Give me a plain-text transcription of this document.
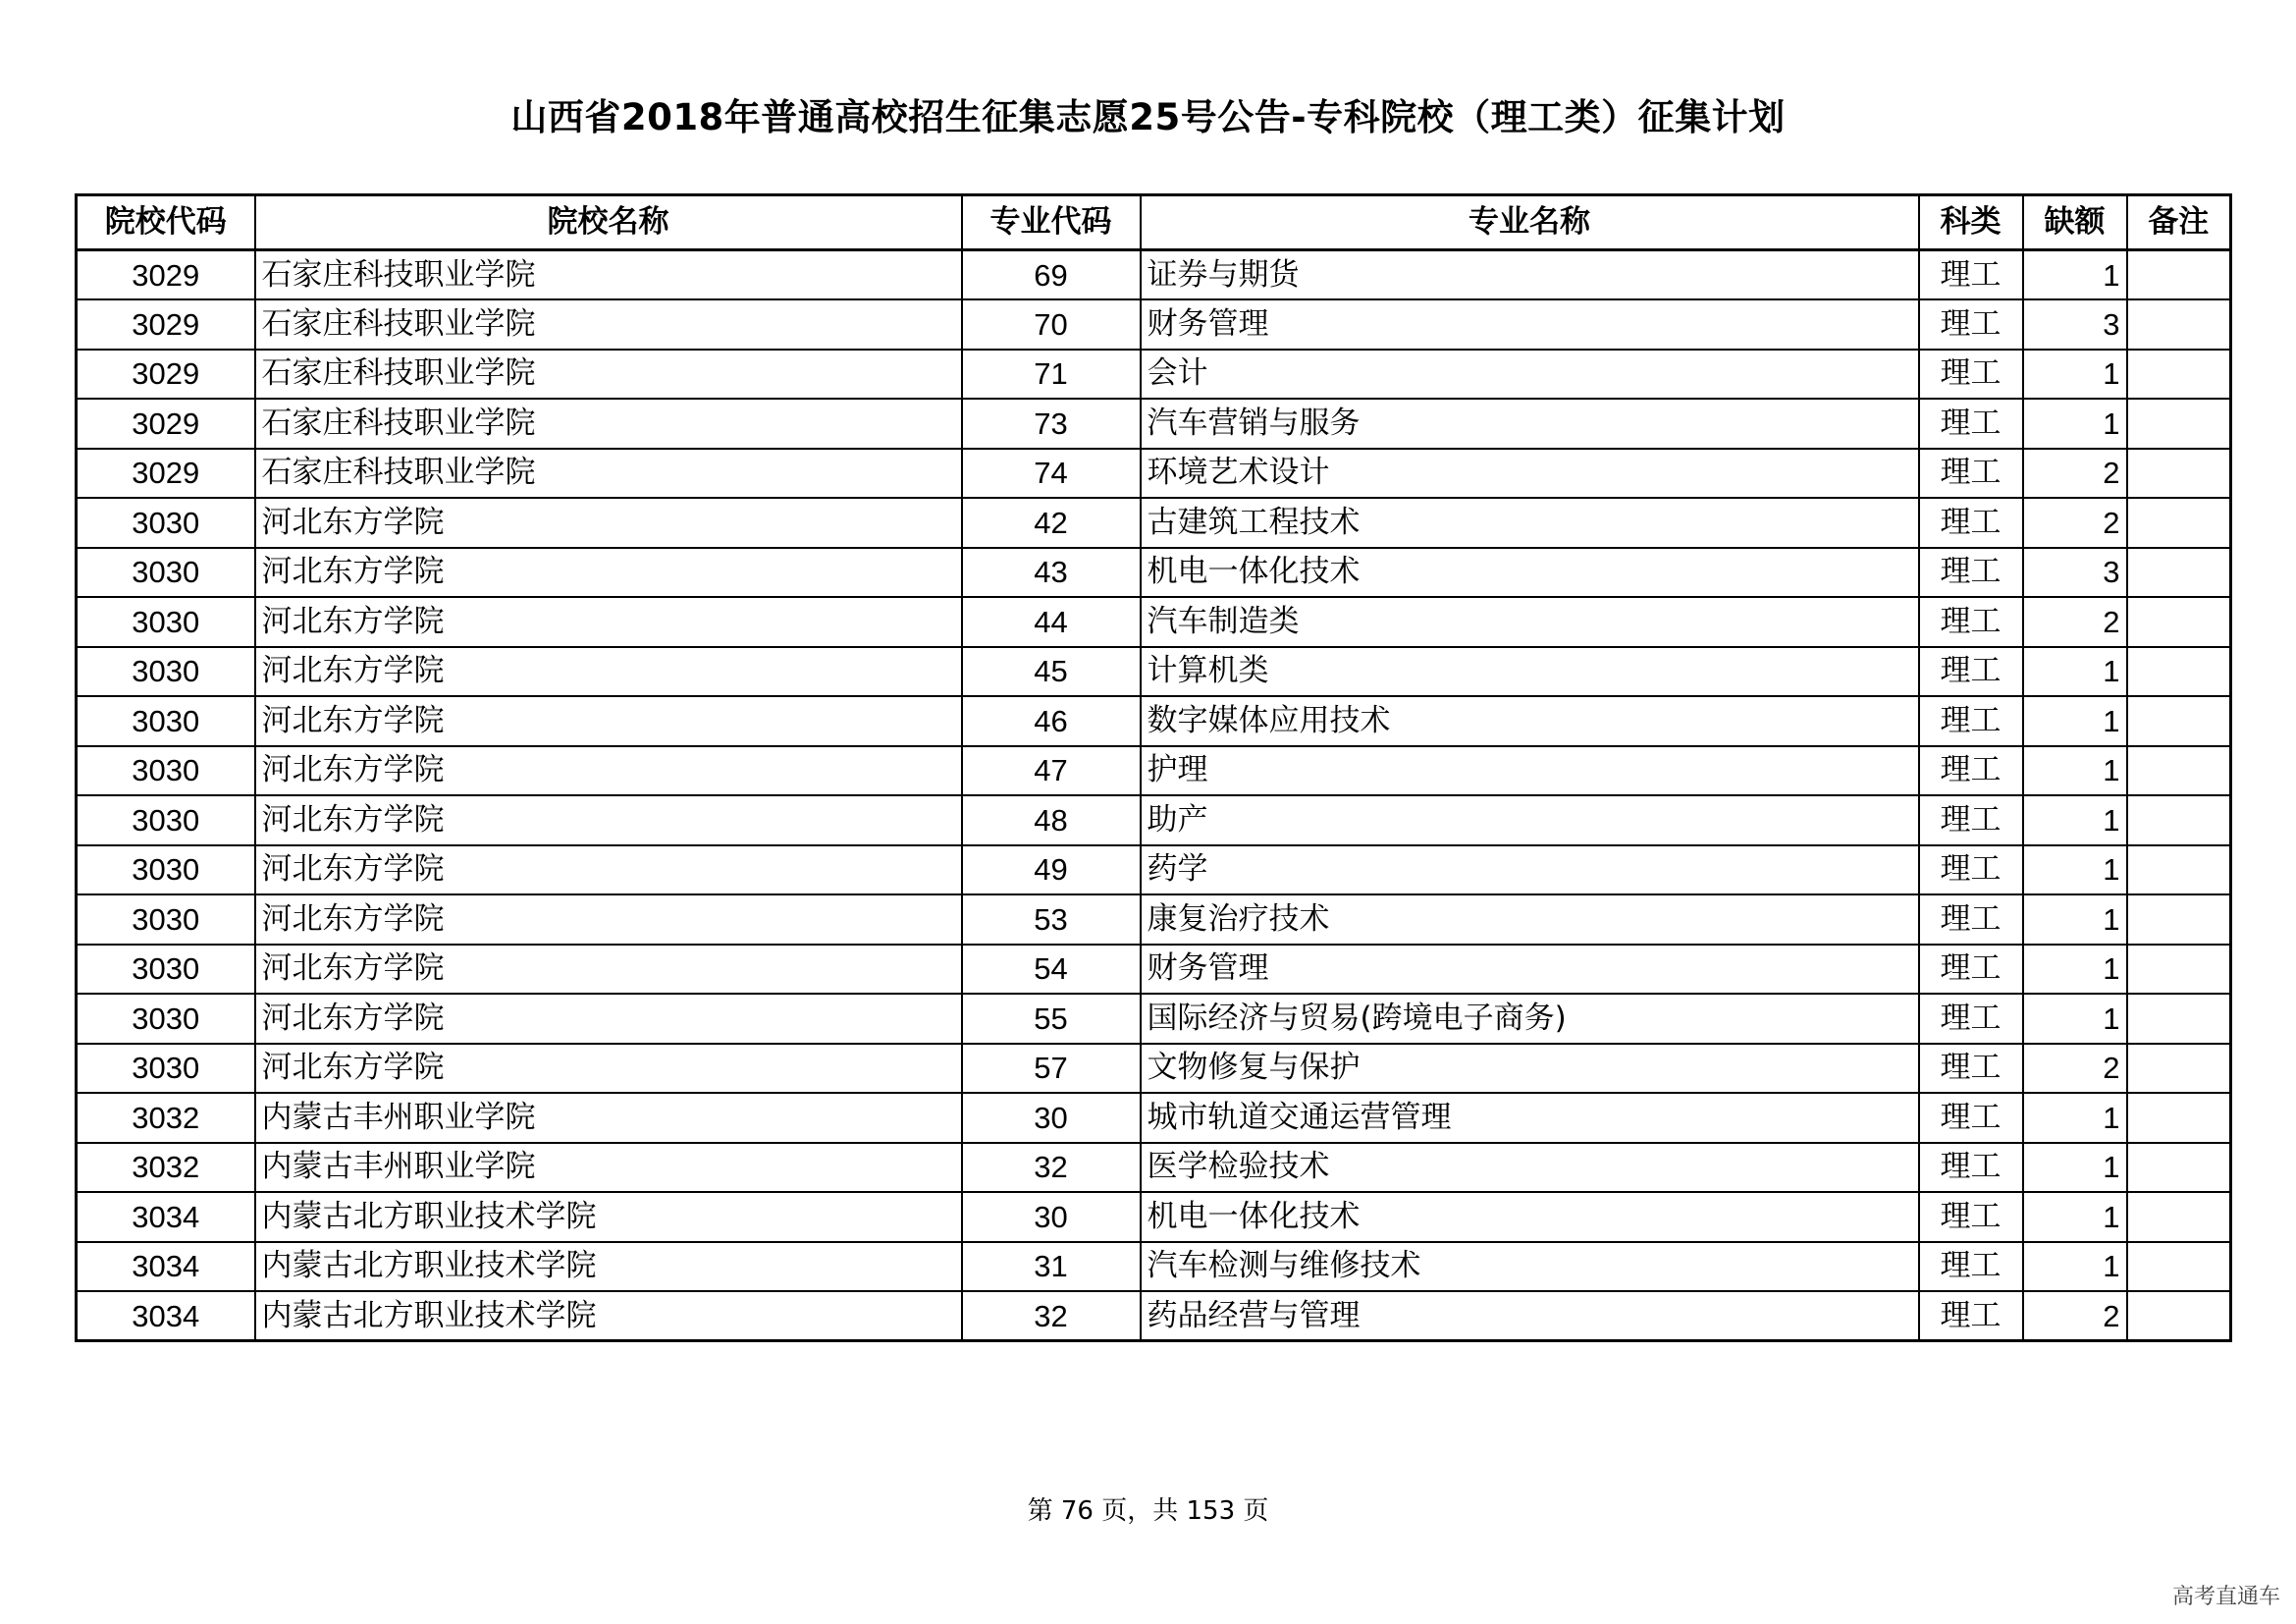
山西省2018年普通高校招生征集志愿25号公告-专科院校（理工类）征集计划
院校代码	院校名称	专业代码	专业名称	科类	缺额	备注
3029	石家庄科技职业学院	69	证券与期货	理工	1	
3029	石家庄科技职业学院	70	财务管理	理工	3	
3029	石家庄科技职业学院	71	会计	理工	1	
3029	石家庄科技职业学院	73	汽车营销与服务	理工	1	
3029	石家庄科技职业学院	74	环境艺术设计	理工	2	
3030	河北东方学院	42	古建筑工程技术	理工	2	
3030	河北东方学院	43	机电一体化技术	理工	3	
3030	河北东方学院	44	汽车制造类	理工	2	
3030	河北东方学院	45	计算机类	理工	1	
3030	河北东方学院	46	数字媒体应用技术	理工	1	
3030	河北东方学院	47	护理	理工	1	
3030	河北东方学院	48	助产	理工	1	
3030	河北东方学院	49	药学	理工	1	
3030	河北东方学院	53	康复治疗技术	理工	1	
3030	河北东方学院	54	财务管理	理工	1	
3030	河北东方学院	55	国际经济与贸易(跨境电子商务)	理工	1	
3030	河北东方学院	57	文物修复与保护	理工	2	
3032	内蒙古丰州职业学院	30	城市轨道交通运营管理	理工	1	
3032	内蒙古丰州职业学院	32	医学检验技术	理工	1	
3034	内蒙古北方职业技术学院	30	机电一体化技术	理工	1	
3034	内蒙古北方职业技术学院	31	汽车检测与维修技术	理工	1	
3034	内蒙古北方职业技术学院	32	药品经营与管理	理工	2	
第 76 页，共 153 页
高考直通车
